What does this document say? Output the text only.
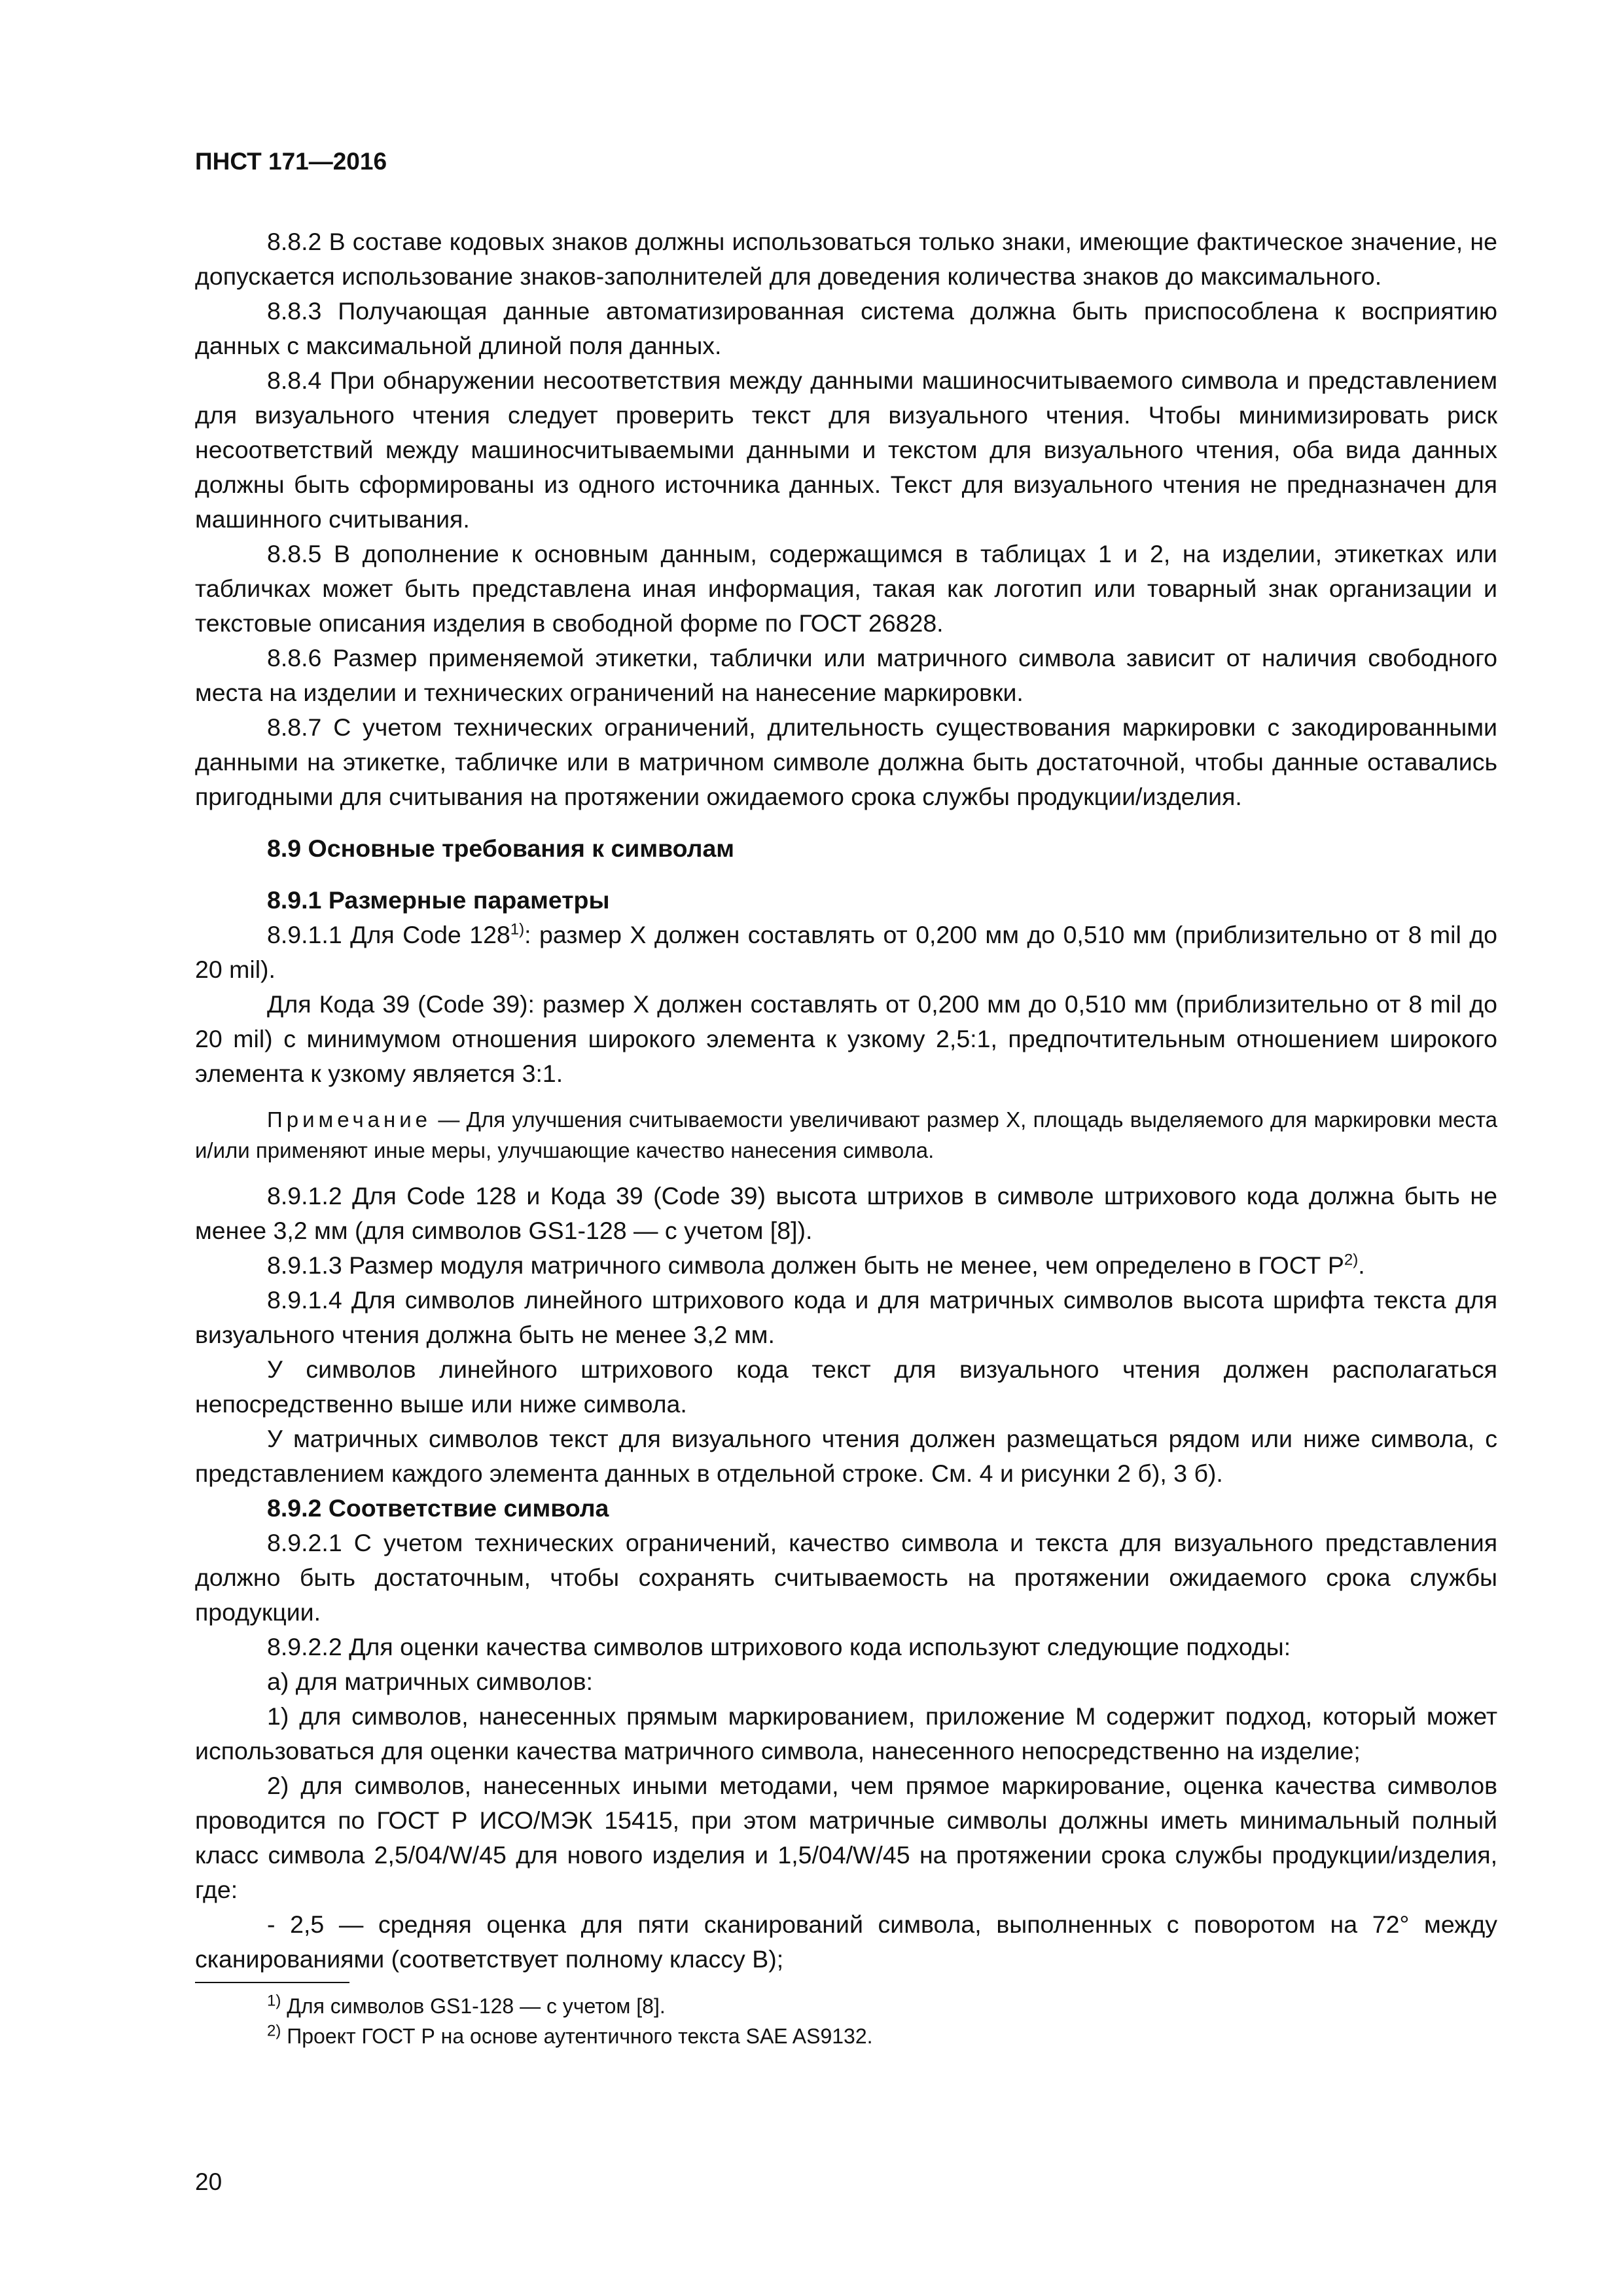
ПНСТ 171—2016

8.8.2 В составе кодовых знаков должны использоваться только знаки, имеющие фактическое значение, не допускается использование знаков-заполнителей для доведения количества знаков до максимального.

8.8.3 Получающая данные автоматизированная система должна быть приспособлена к восприятию данных с максимальной длиной поля данных.

8.8.4 При обнаружении несоответствия между данными машиносчитываемого символа и представлением для визуального чтения следует проверить текст для визуального чтения. Чтобы минимизировать риск несоответствий между машиносчитываемыми данными и текстом для визуального чтения, оба вида данных должны быть сформированы из одного источника данных. Текст для визуального чтения не предназначен для машинного считывания.

8.8.5 В дополнение к основным данным, содержащимся в таблицах 1 и 2, на изделии, этикетках или табличках может быть представлена иная информация, такая как логотип или товарный знак организации и текстовые описания изделия в свободной форме по ГОСТ 26828.

8.8.6 Размер применяемой этикетки, таблички или матричного символа зависит от наличия свободного места на изделии и технических ограничений на нанесение маркировки.

8.8.7 С учетом технических ограничений, длительность существования маркировки с закодированными данными на этикетке, табличке или в матричном символе должна быть достаточной, чтобы данные оставались пригодными для считывания на протяжении ожидаемого срока службы продукции/изделия.

8.9 Основные требования к символам
8.9.1 Размерные параметры

8.9.1.1 Для Code 128$^{1)}$: размер X должен составлять от 0,200 мм до 0,510 мм (приблизительно от 8 mil до 20 mil).

Для Кода 39 (Code 39): размер X должен составлять от 0,200 мм до 0,510 мм (приблизительно от 8 mil до 20 mil) с минимумом отношения широкого элемента к узкому 2,5:1, предпочтительным отношением широкого элемента к узкому является 3:1.

Примечание — Для улучшения считываемости увеличивают размер X, площадь выделяемого для маркировки места и/или применяют иные меры, улучшающие качество нанесения символа.

8.9.1.2 Для Code 128 и Кода 39 (Code 39) высота штрихов в символе штрихового кода должна быть не менее 3,2 мм (для символов GS1-128 — с учетом [8]).

8.9.1.3 Размер модуля матричного символа должен быть не менее, чем определено в ГОСТ $Р^{2)}$.

8.9.1.4 Для символов линейного штрихового кода и для матричных символов высота шрифта текста для визуального чтения должна быть не менее 3,2 мм.

У символов линейного штрихового кода текст для визуального чтения должен располагаться непосредственно выше или ниже символа.

У матричных символов текст для визуального чтения должен размещаться рядом или ниже символа, с представлением каждого элемента данных в отдельной строке. См. 4 и рисунки 2 б), 3 б).

8.9.2 Соответствие символа

8.9.2.1 С учетом технических ограничений, качество символа и текста для визуального представления должно быть достаточным, чтобы сохранять считываемость на протяжении ожидаемого срока службы продукции.

8.9.2.2 Для оценки качества символов штрихового кода используют следующие подходы:

а) для матричных символов:

1) для символов, нанесенных прямым маркированием, приложение М содержит подход, который может использоваться для оценки качества матричного символа, нанесенного непосредственно на изделие;

2) для символов, нанесенных иными методами, чем прямое маркирование, оценка качества символов проводится по ГОСТ Р ИСО/МЭК 15415, при этом матричные символы должны иметь минимальный полный класс символа 2,5/04/W/45 для нового изделия и 1,5/04/W/45 на протяжении срока службы продукции/изделия, где:

- 2,5 — средняя оценка для пяти сканирований символа, выполненных с поворотом на 72° между сканированиями (соответствует полному классу B);

$^{1)}$ Для символов GS1-128 — с учетом [8].
$^{2)}$ Проект ГОСТ Р на основе аутентичного текста SAE AS9132.
20
